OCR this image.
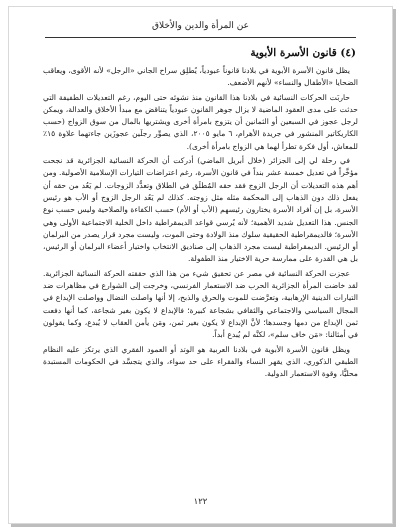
عن المرأة والدين والأخلاق
(٤) قانون الأسرة الأبوية

يظل قانون الأسرة الأبوية في بلادنا قانوناً عبودياً، يُطلِق سراح الجاني «الرجل» لأنه الأقوى، ويعاقب الضحايا «الأطفال والنساء» لأنهم الأضعف.

حاربَت الحركات النسائية في بلادنا هذا القانون منذ نشوئه حتى اليوم، رغم التعديلات الطفيفة التي حدثت على مدى العقود الماضية لا يزال جوهر القانون عبودياً يتناقض مع مبدأ الأخلاق والعدالة، ويمكن لرجل عجوز في السبعين أو الثمانين أن يتزوج بامرأة أخرى ويشتريها بالمال من سوق الزواج (حسب الكاريكاتير المنشور في جريدة الأهرام، ٦ مايو ٢٠٠٥، الذي يصوِّر رجلَين عجوزَين جاءتهما علاوة ١٥٪ للمعاش، أول فكرة تطرأ لهما هي الزواج بامرأة أخرى).

في رحلة لي إلى الجزائر (خلال أبريل الماضي) أدركت أن الحركة النسائية الجزائرية قد نجحت مؤخَّراً في تعديل خمسة عشر بنداً في قانون الأسرة، رغم اعتراضات التيارات الإسلامية الأصولية. ومن أهم هذه التعديلات أن الرجل الزوج فقد حقه المُطلَق في الطلاق وتعدُّد الزوجات. لم يَعُد من حقه أن يفعل ذلك دون الذهاب إلى المحكمة مثله مثل زوجته. كذلك لم يَعُد الرجل الزوج أو الأب هو رئيس الأسرة، بل إن أفراد الأسرة يختارون رئيسهم (الأب أو الأم) حسب الكفاءة والصلاحية وليس حسب نوع الجنس. هذا التعديل شديد الأهمية؛ لأنه يُرسي قواعد الديمقراطية داخل الخلية الاجتماعية الأولى وهي الأسرة؛ فالديمقراطية الحقيقية سلوك منذ الولادة وحتى الموت، وليست مجرد قرار يصدر من البرلمان أو الرئيس. الديمقراطية ليست مجرد الذهاب إلى صناديق الانتخاب واختيار أعضاء البرلمان أو الرئيس، بل هي القدرة على ممارسة حرية الاختيار منذ الطفولة.

عجزت الحركة النسائية في مصر عن تحقيق شيء من هذا الذي حققته الحركة النسائية الجزائرية. لقد خاضت المرأة الجزائرية الحرب ضد الاستعمار الفرنسي، وخرجت إلى الشوارع في مظاهرات ضد التيارات الدينية الإرهابية، وتعرَّضت للموت والحرق والذبح، إلا أنها واصلت النضال وواصلت الإبداع في المجال السياسي والاجتماعي والثقافي بشجاعة كبيرة؛ فالإبداع لا يكون بغير شجاعة، كما أنها دفعت ثمن الإبداع من دمها وجسدها؛ لأنَّ الإبداع لا يكون بغير ثمن، ومَن يأمن العقاب لا يُبدع، وكما يقولون في أمثالنا: «مَن خاف سلم»، لكنَّه لم يُبدع أبداً.

ويظل قانون الأسرة الأبوية في بلادنا العربية هو الوتد أو العمود الفقري الذي يرتكز عليه النظام الطبقي الذكوري، الذي يقهر النساء والفقراء على حد سواء، والذي يتجسَّد في الحكومات المستبدة محليًّا، وقوة الاستعمار الدولية.

١٢٢
